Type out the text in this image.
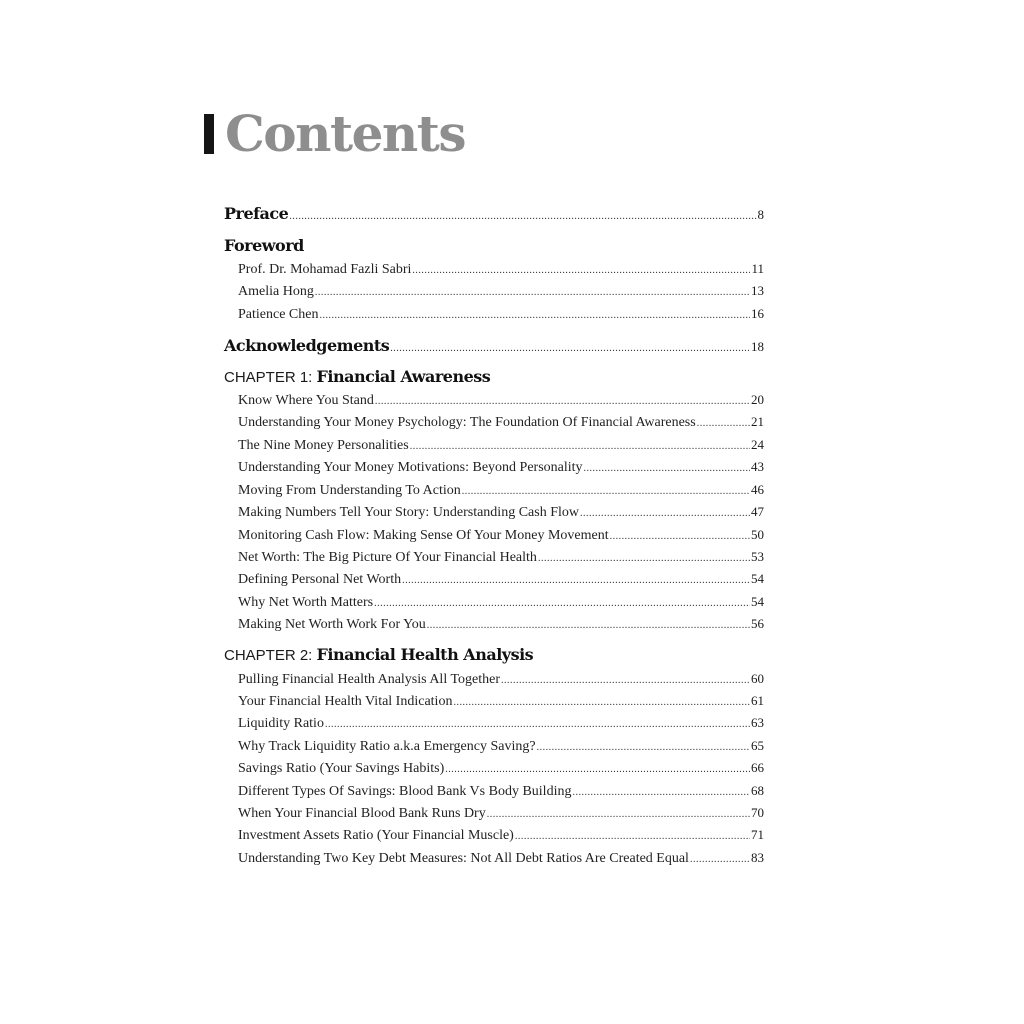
Contents
Preface .....	8
Foreword
Prof. Dr. Mohamad Fazli Sabri .....	11
Amelia Hong .....	13
Patience Chen .....	16
Acknowledgements .....	18
CHAPTER 1: Financial Awareness
Know Where You Stand .....	20
Understanding Your Money Psychology: The Foundation Of Financial Awareness .....	21
The Nine Money Personalities .....	24
Understanding Your Money Motivations: Beyond Personality .....	43
Moving From Understanding To Action .....	46
Making Numbers Tell Your Story: Understanding Cash Flow .....	47
Monitoring Cash Flow: Making Sense Of Your Money Movement .....	50
Net Worth: The Big Picture Of Your Financial Health .....	53
Defining Personal Net Worth .....	54
Why Net Worth Matters .....	54
Making Net Worth Work For You .....	56
CHAPTER 2: Financial Health Analysis
Pulling Financial Health Analysis All Together .....	60
Your Financial Health Vital Indication .....	61
Liquidity Ratio .....	63
Why Track Liquidity Ratio a.k.a Emergency Saving? .....	65
Savings Ratio (Your Savings Habits) .....	66
Different Types Of Savings: Blood Bank Vs Body Building .....	68
When Your Financial Blood Bank Runs Dry .....	70
Investment Assets Ratio (Your Financial Muscle) .....	71
Understanding Two Key Debt Measures: Not All Debt Ratios Are Created Equal .....	83
